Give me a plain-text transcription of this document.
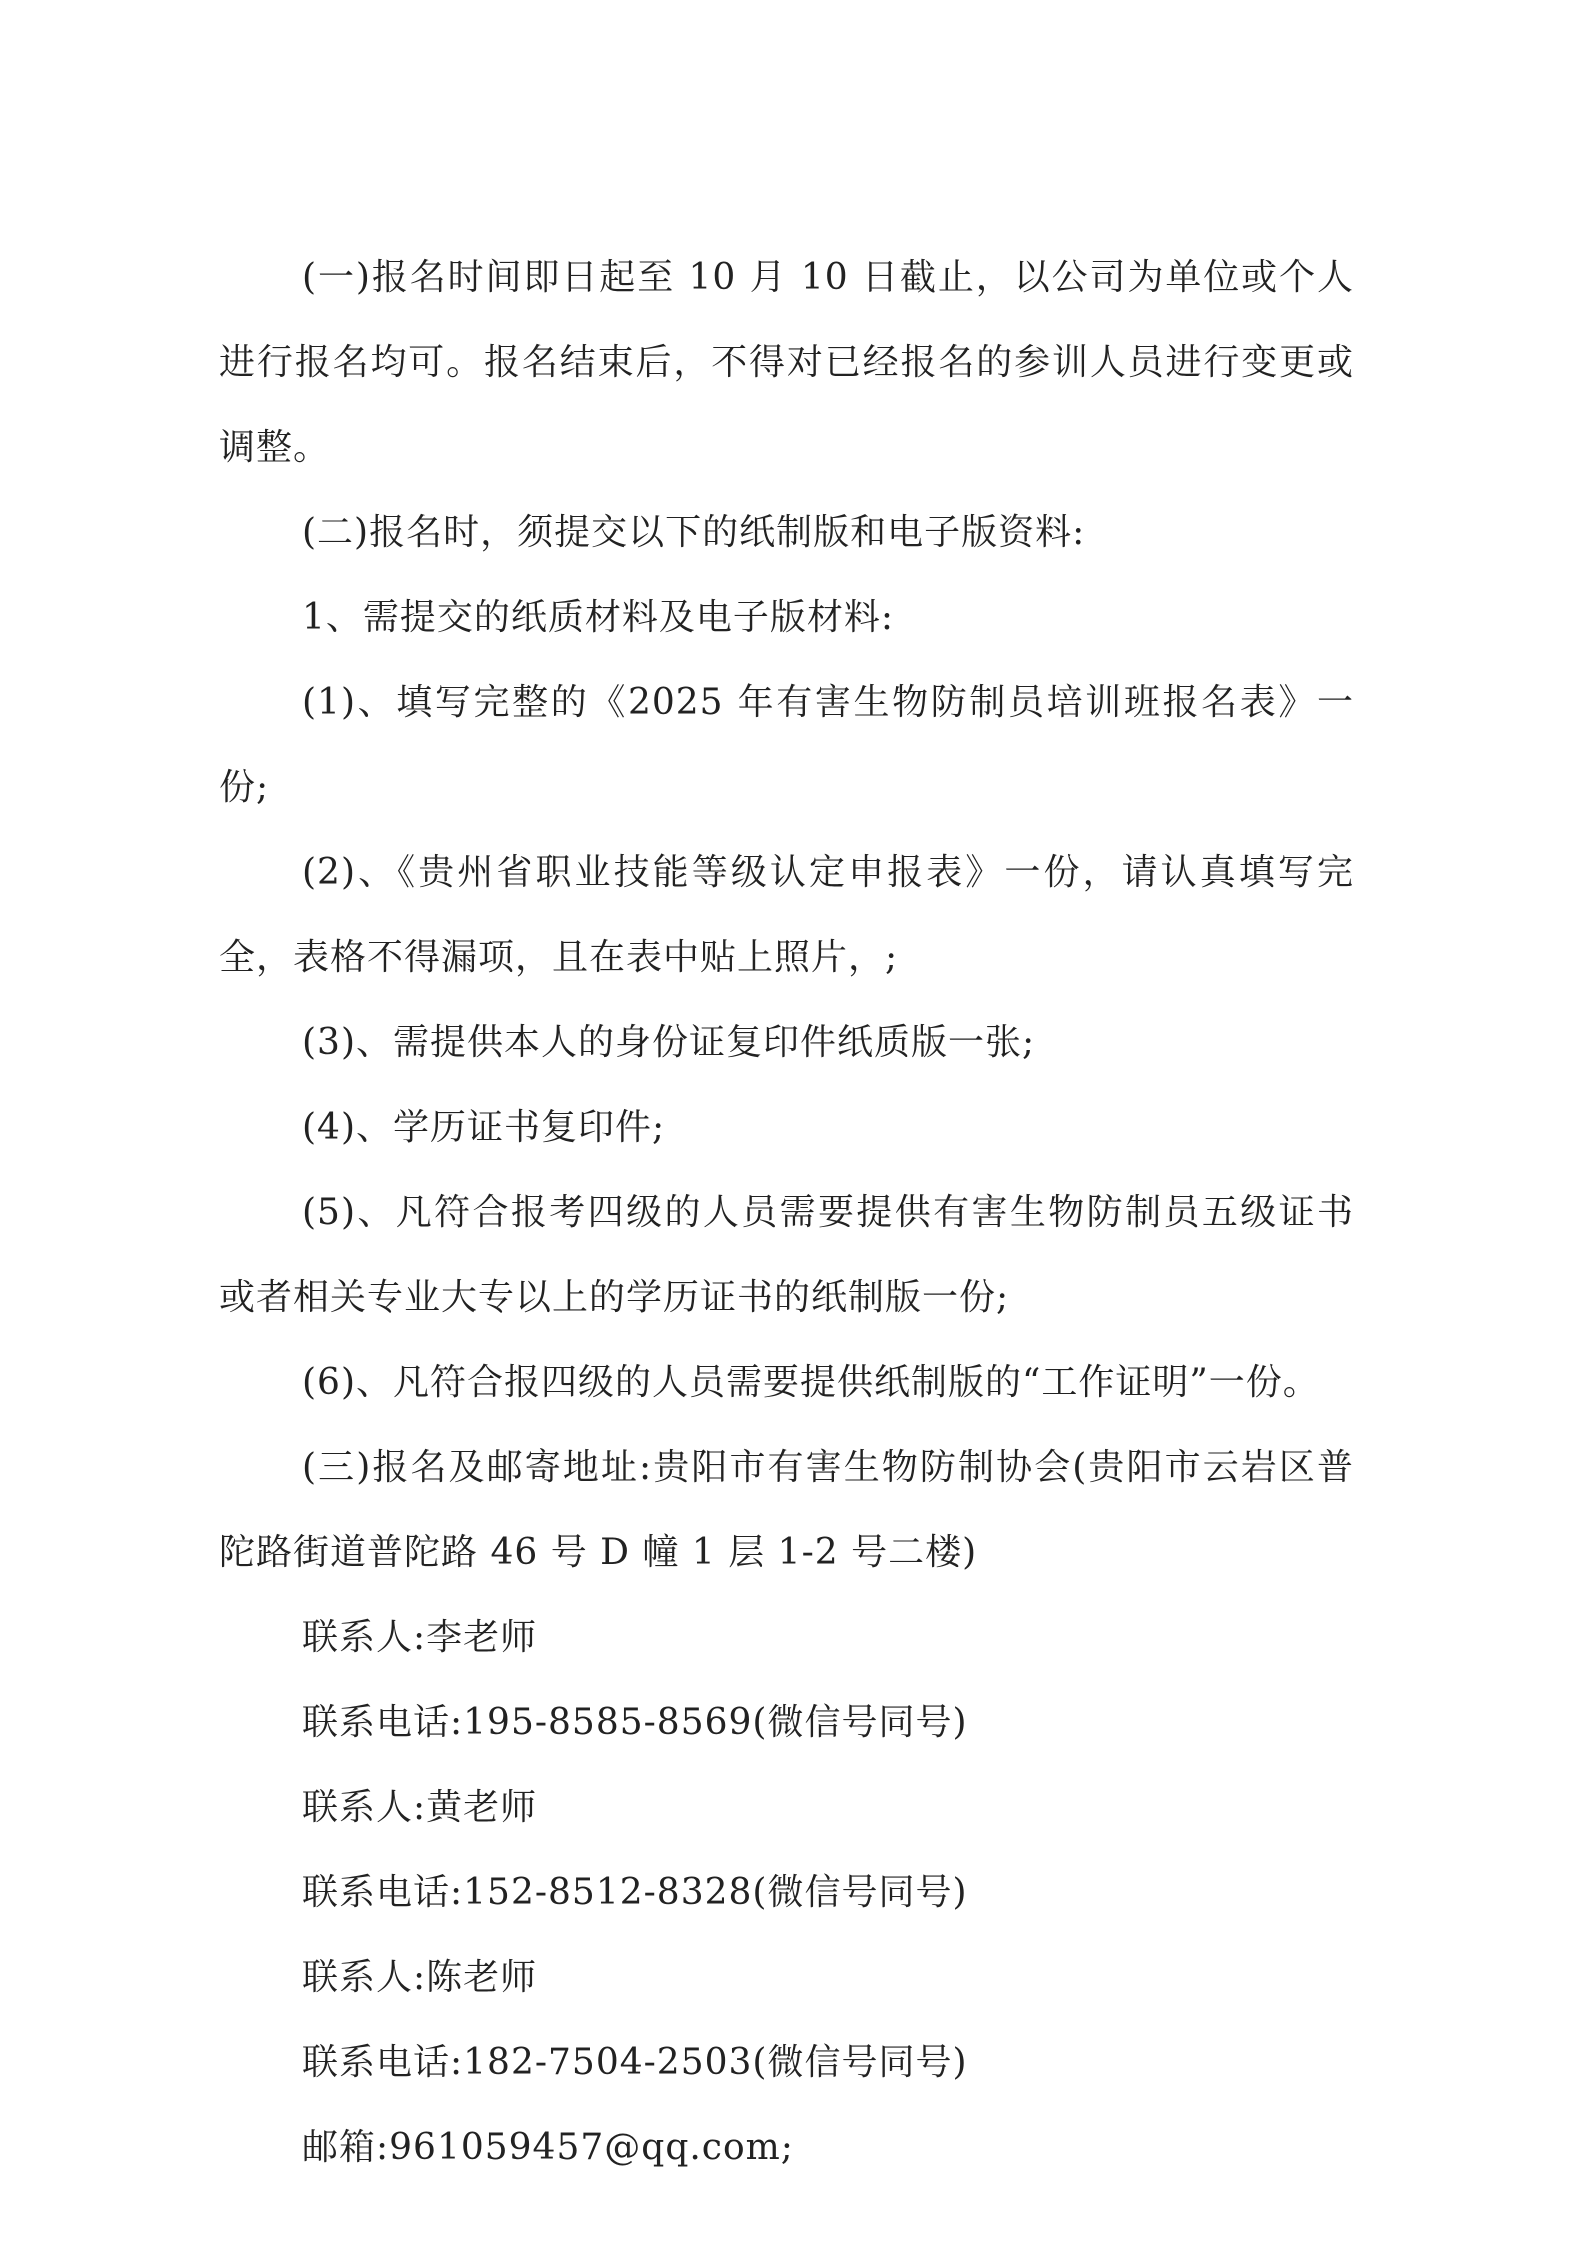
(一)报名时间即日起至 10 月 10 日截止，以公司为单位或个人进行报名均可。报名结束后，不得对已经报名的参训人员进行变更或调整。

(二)报名时，须提交以下的纸制版和电子版资料:

1、需提交的纸质材料及电子版材料:

(1)、填写完整的《2025 年有害生物防制员培训班报名表》一份;

(2)、《贵州省职业技能等级认定申报表》一份，请认真填写完全，表格不得漏项，且在表中贴上照片，;

(3)、需提供本人的身份证复印件纸质版一张;

(4)、学历证书复印件;

(5)、凡符合报考四级的人员需要提供有害生物防制员五级证书或者相关专业大专以上的学历证书的纸制版一份;

(6)、凡符合报四级的人员需要提供纸制版的“工作证明”一份。

(三)报名及邮寄地址:贵阳市有害生物防制协会(贵阳市云岩区普陀路街道普陀路 46 号 D 幢 1 层 1-2 号二楼)

联系人:李老师

联系电话:195-8585-8569(微信号同号)

联系人:黄老师

联系电话:152-8512-8328(微信号同号)

联系人:陈老师

联系电话:182-7504-2503(微信号同号)

邮箱:961059457@qq.com;
